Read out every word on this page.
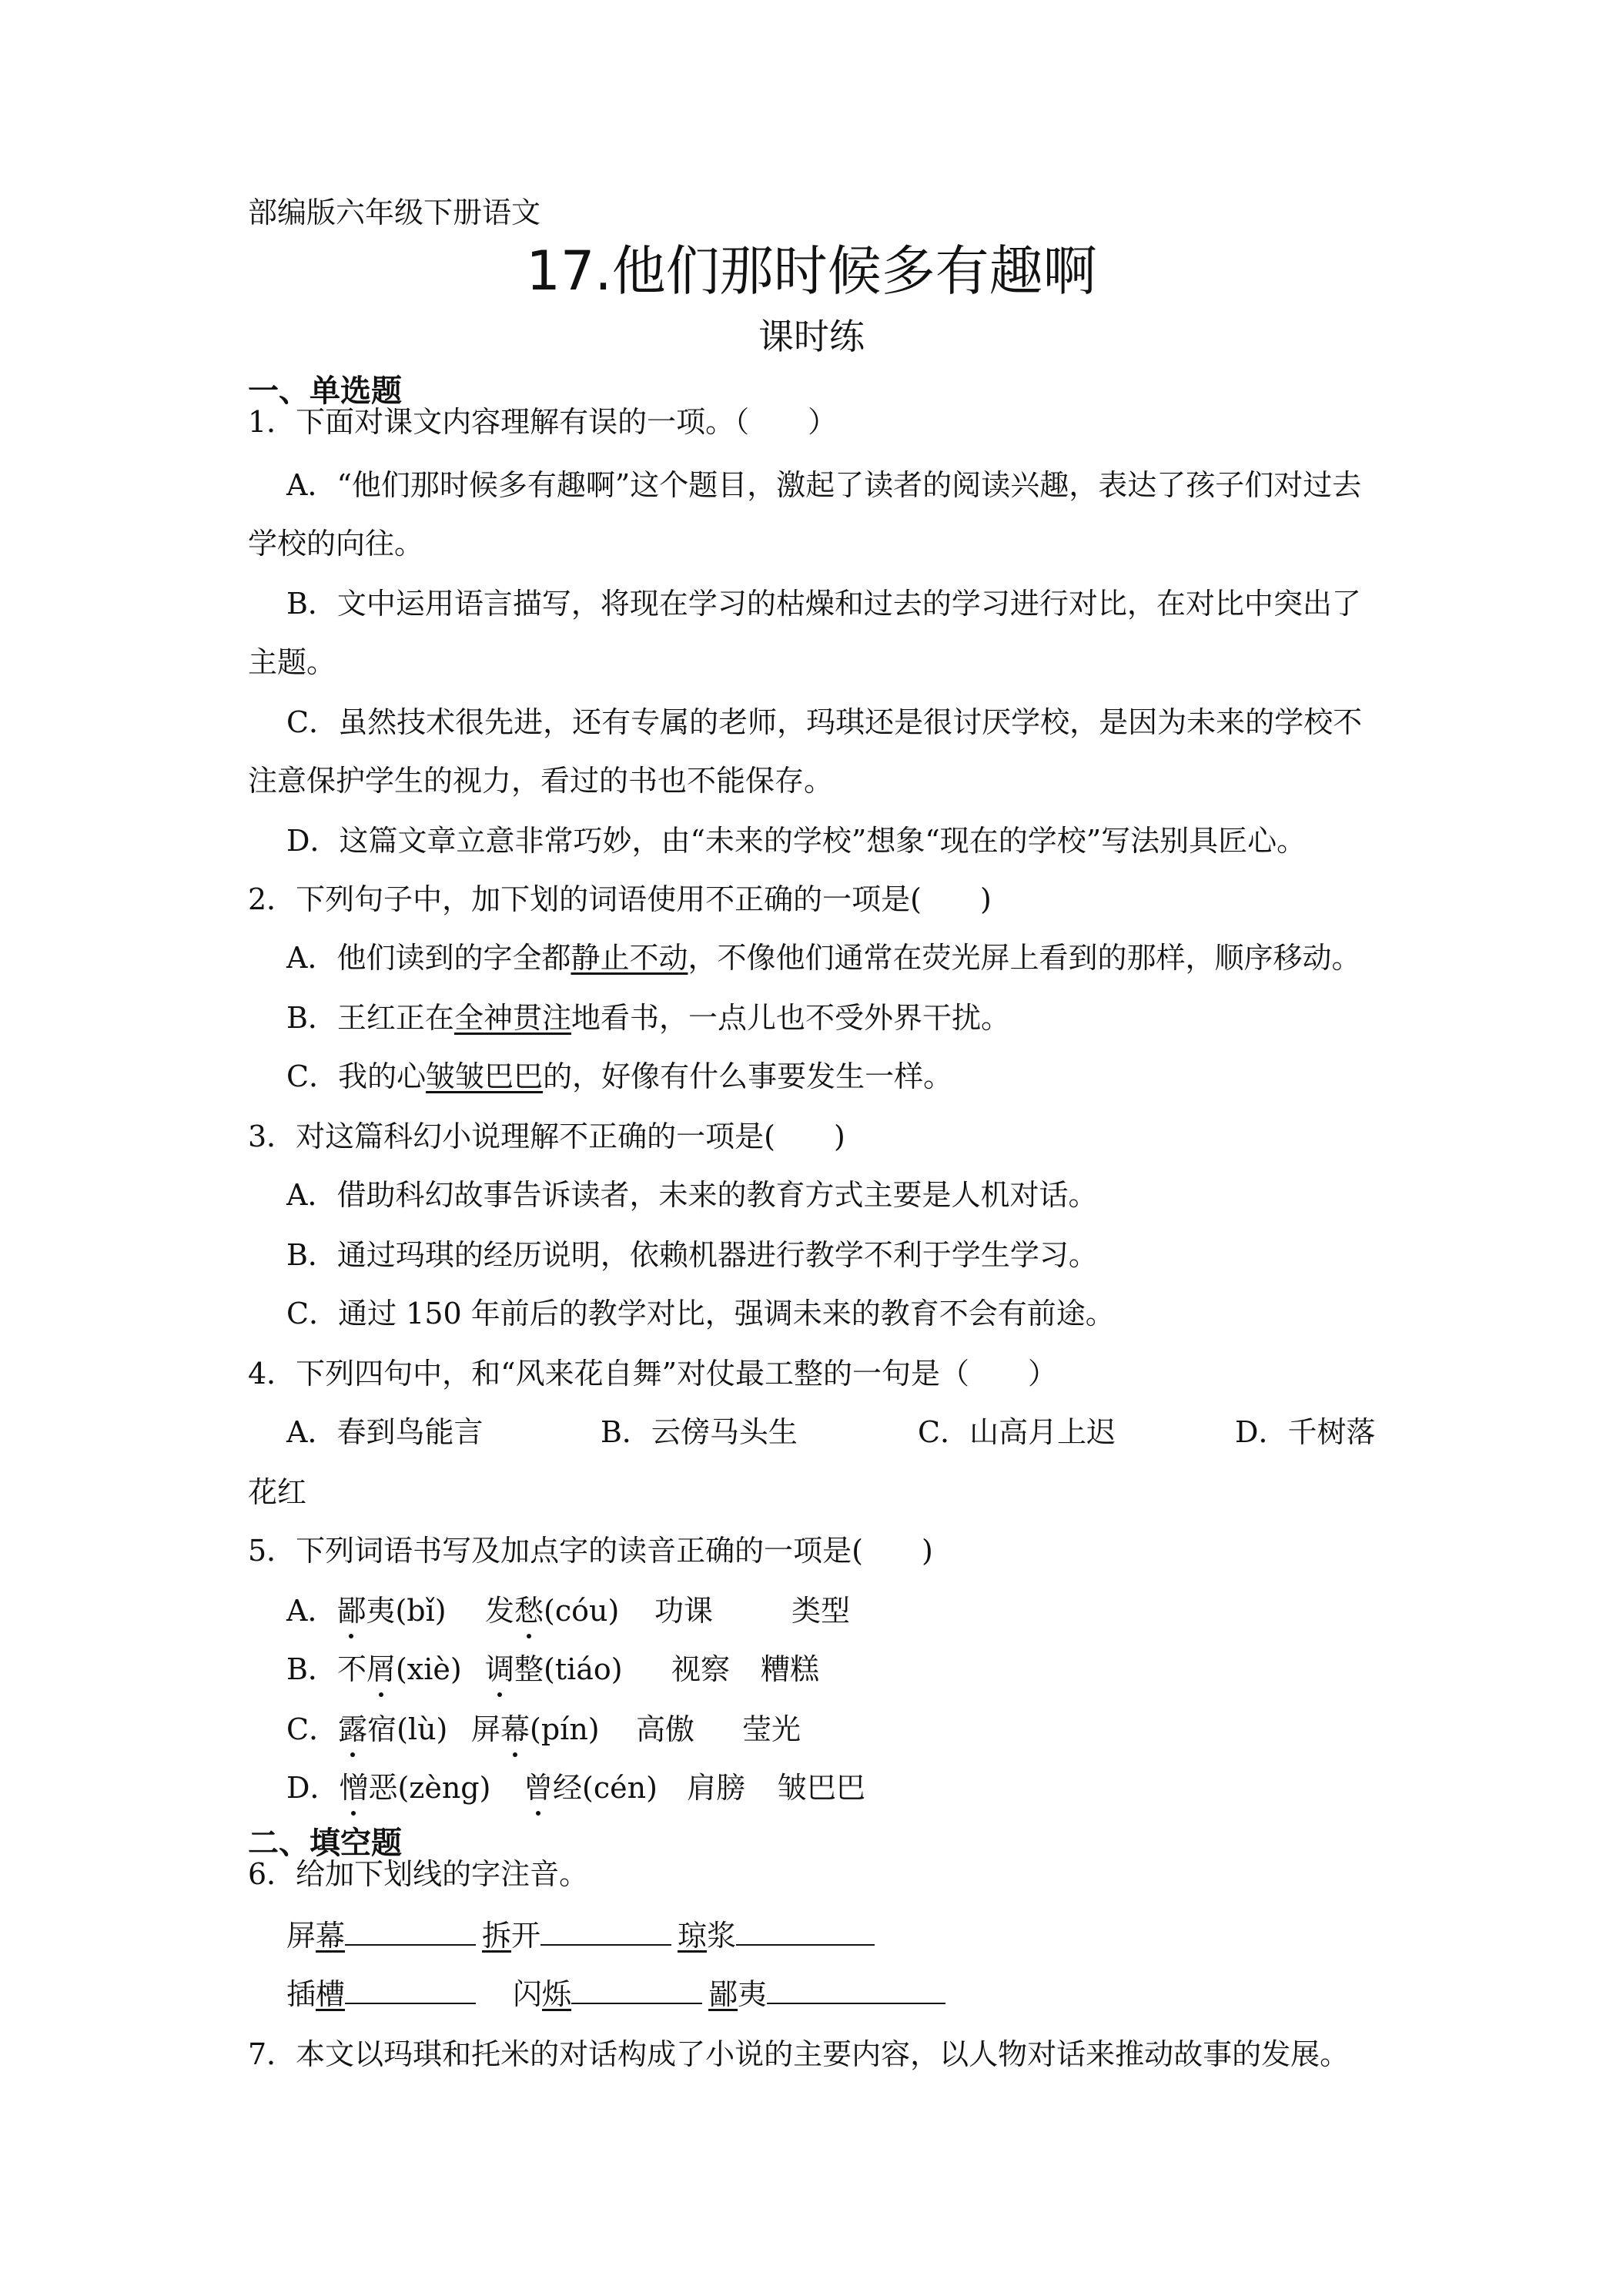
部编版六年级下册语文
17.他们那时候多有趣啊
课时练
一、单选题
1．下面对课文内容理解有误的一项。（　　）
A．“他们那时候多有趣啊”这个题目，激起了读者的阅读兴趣，表达了孩子们对过去
学校的向往。
B．文中运用语言描写，将现在学习的枯燥和过去的学习进行对比，在对比中突出了
主题。
C．虽然技术很先进，还有专属的老师，玛琪还是很讨厌学校，是因为未来的学校不
注意保护学生的视力，看过的书也不能保存。
D．这篇文章立意非常巧妙，由“未来的学校”想象“现在的学校”写法别具匠心。
2．下列句子中，加下划的词语使用不正确的一项是(　　)
A．他们读到的字全都静止不动，不像他们通常在荧光屏上看到的那样，顺序移动。
B．王红正在全神贯注地看书，一点儿也不受外界干扰。
C．我的心皱皱巴巴的，好像有什么事要发生一样。
3．对这篇科幻小说理解不正确的一项是(　　)
A．借助科幻故事告诉读者，未来的教育方式主要是人机对话。
B．通过玛琪的经历说明，依赖机器进行教学不利于学生学习。
C．通过 150 年前后的教学对比，强调未来的教育不会有前途。
4．下列四句中，和“风来花自舞”对仗最工整的一句是（　　）
A．春到鸟能言	B．云傍马头生	C．山高月上迟	D．千树落
花红
5．下列词语书写及加点字的读音正确的一项是(　　)
A．鄙夷(bǐ) 发愁(cóu) 功课	类型
B．不屑(xiè) 调整(tiáo) 视察 糟糕
C．露宿(lù) 屏幕(pín) 高傲 莹光
D．憎恶(zèng) 曾经(cén) 肩膀 皱巴巴
二、填空题
6．给加下划线的字注音。
屏幕	拆开	琼浆
插槽	闪烁	鄙夷
7．本文以玛琪和托米的对话构成了小说的主要内容，以人物对话来推动故事的发展。
